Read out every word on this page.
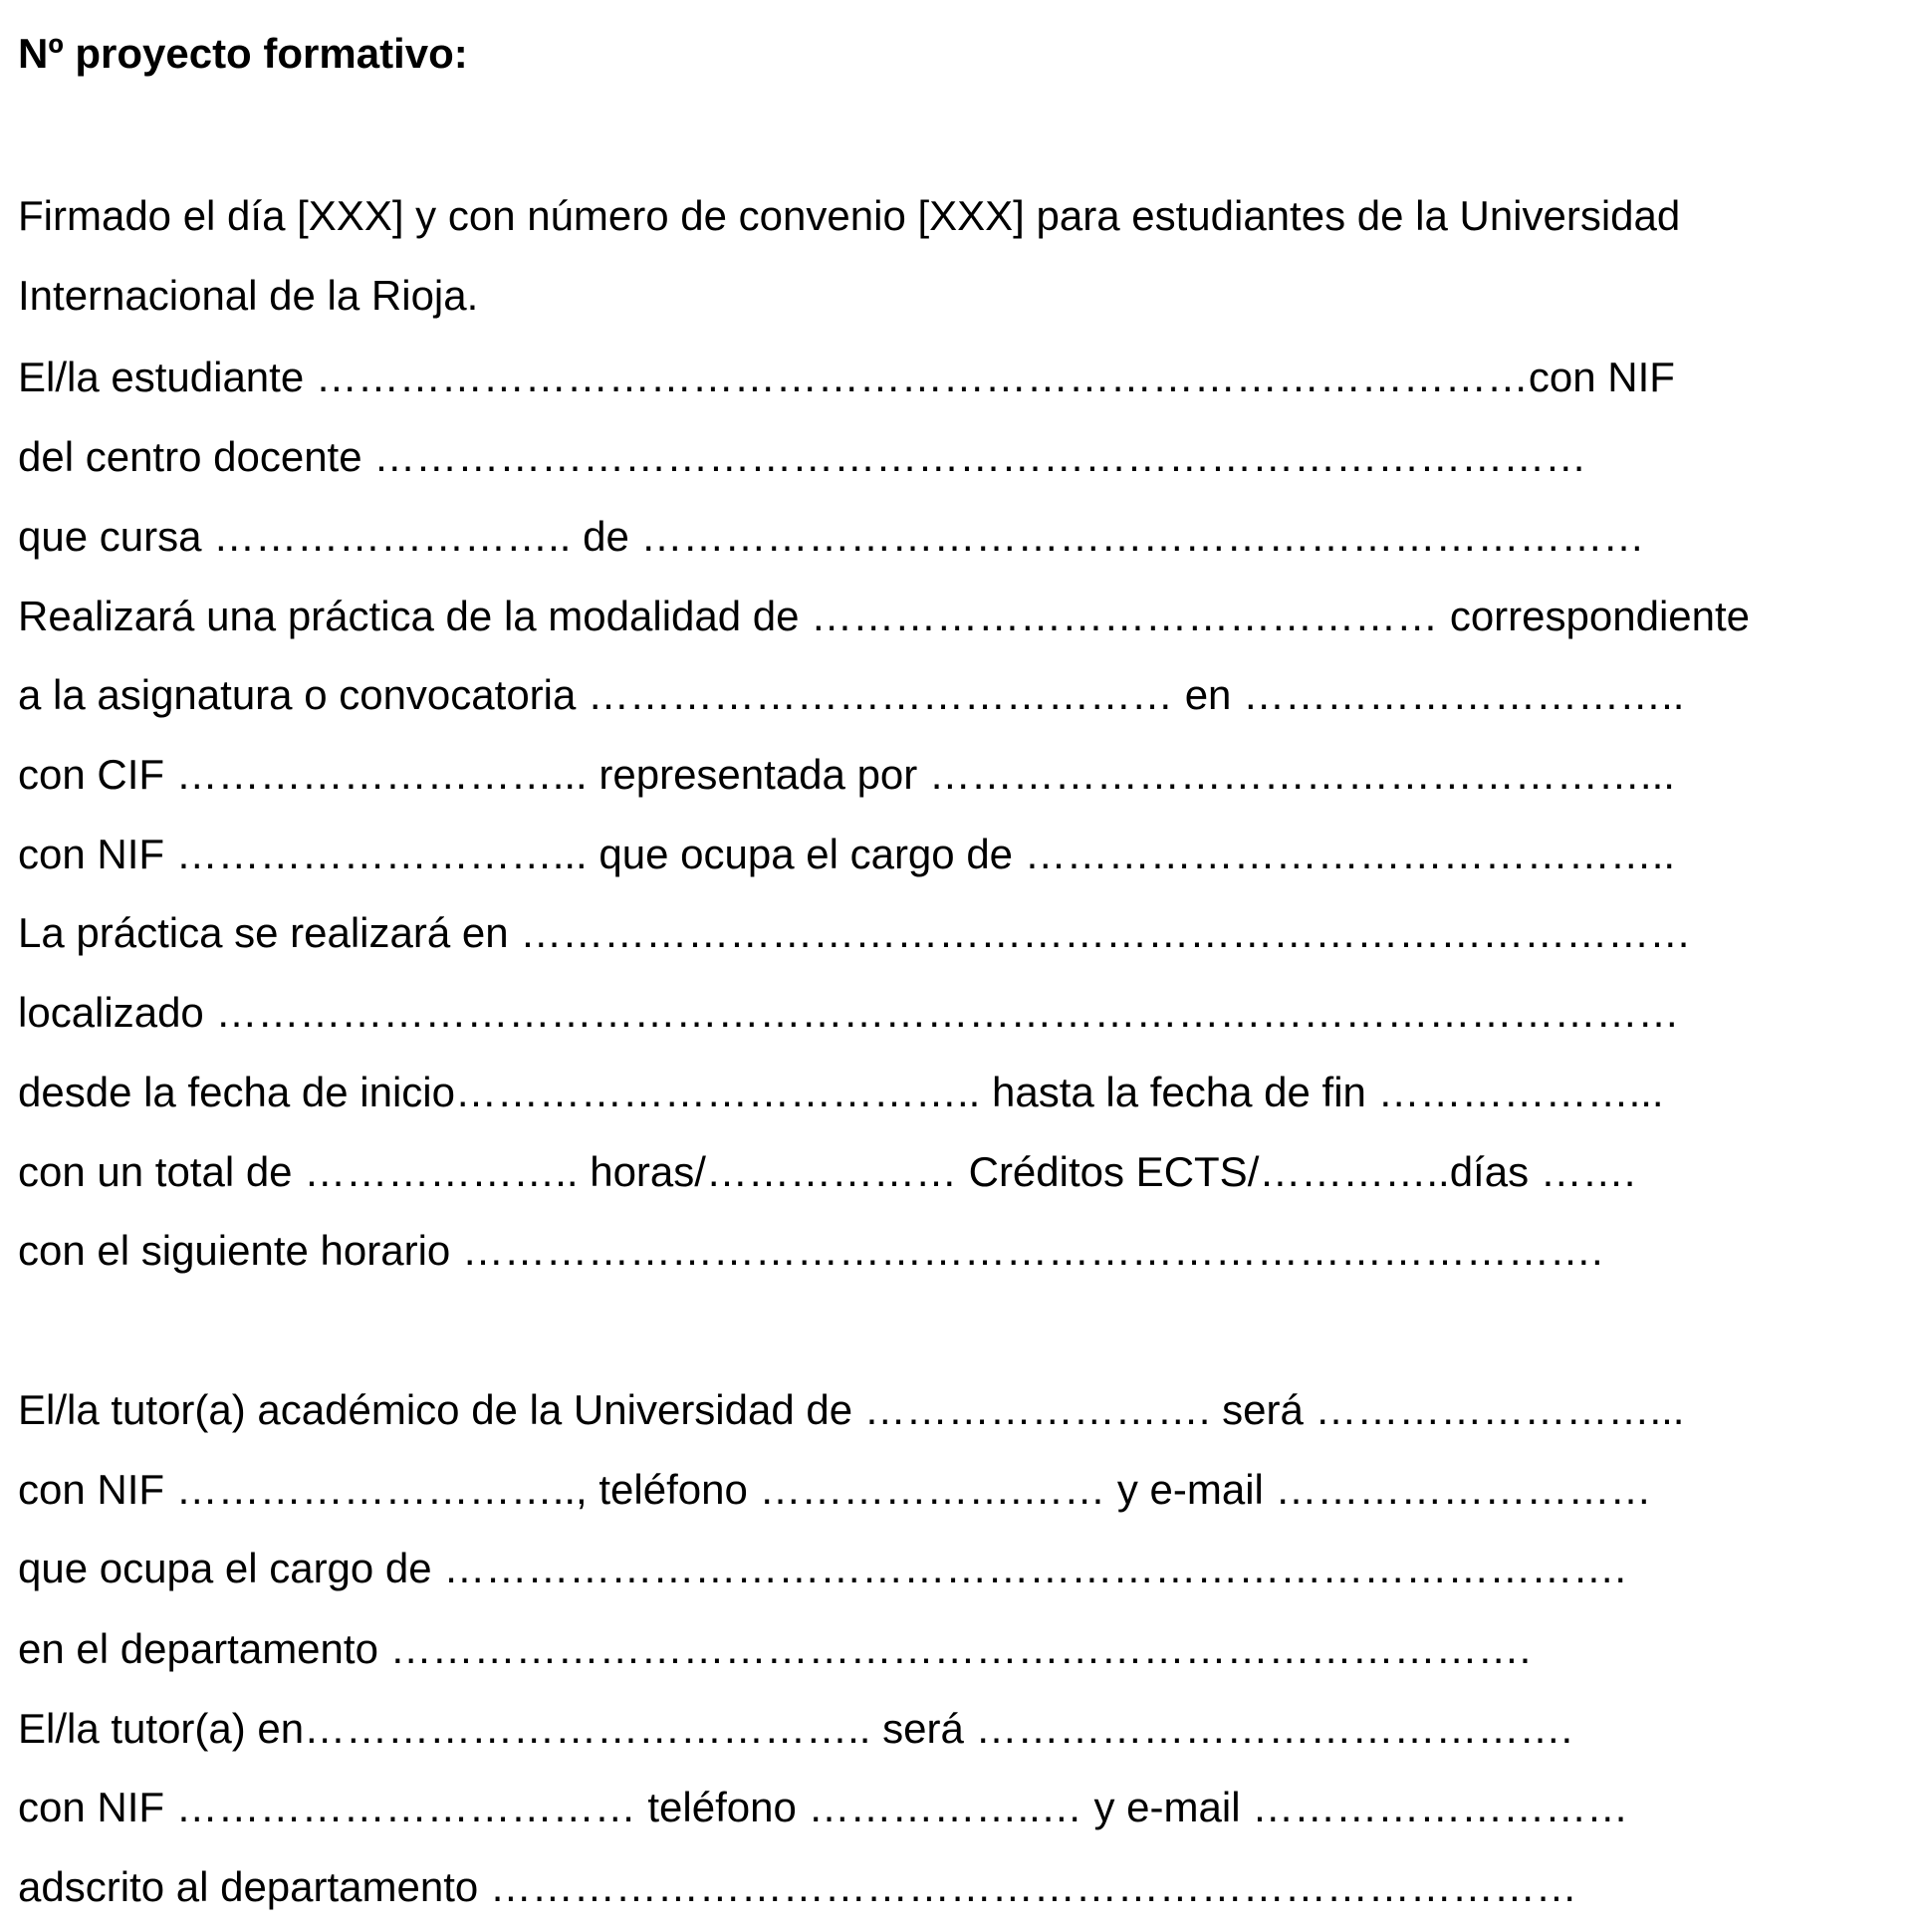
Nº proyecto formativo:
Firmado el día [XXX] y con número de convenio [XXX] para estudiantes de la Universidad
Internacional de la Rioja.
El/la estudiante ……………………………………………………………………………con NIF
del centro docente ……………………………………………………………………………
que cursa …………………….. de ………………………………………………………………
Realizará una práctica de la modalidad de ……………………………………… correspondiente
a la asignatura o convocatoria …………………………………… en …………………………..
con CIF ………………………... representada por ……………………………………………...
con NIF ………………………... que ocupa el cargo de ………………………………………..
La práctica se realizará en …………………………………………………………………………
localizado ……………………………………………………………………………………………
desde la fecha de inicio……………………………….. hasta la fecha de fin ………………...
con un total de ……………….. horas/……………… Créditos ECTS/…………..días …….
con el siguiente horario ……………………………………………………………………….
El/la tutor(a) académico de la Universidad de ……………………. será ……………………...
con NIF ……………………….., teléfono ……………….…… y e-mail ………………………
que ocupa el cargo de ………………………………………………………………………….
en el departamento ……………………………………………………………………….
El/la tutor(a) en………………………………….. será …………………………………….
con NIF …………………………… teléfono ……………..… y e-mail ………………………
adscrito al departamento ……………………………………………………………………
